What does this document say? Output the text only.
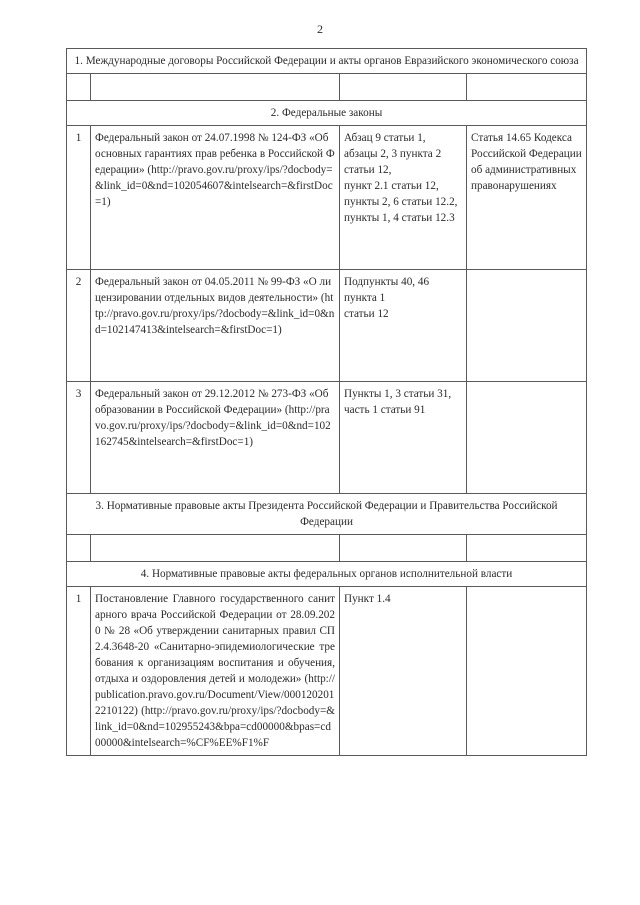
2
1. Международные договоры Российской Федерации и акты органов Евразийского экономического союза			

2. Федеральные законы			
1	Федеральный закон от 24.07.1998 № 124-ФЗ «Об основных гарантиях прав ребенка в Российской Федерации» (http://pravo.gov.ru/proxy/ips/?docbody=&link_id=0&nd=102054607&intelsearch=&firstDoc=1)	Абзац 9 статьи 1,
абзацы 2, 3 пункта 2 статьи 12,
пункт 2.1 статьи 12,
пункты 2, 6 статьи 12.2,
пункты 1, 4 статьи 12.3	Статья 14.65 Кодекса Российской Федерации об административных правонарушениях
2	Федеральный закон от 04.05.2011 № 99-ФЗ «О лицензировании отдельных видов деятельности» (http://pravo.gov.ru/proxy/ips/?docbody=&link_id=0&nd=102147413&intelsearch=&firstDoc=1)	Подпункты 40, 46 пункта 1
статьи 12	

3	Федеральный закон от 29.12.2012 № 273-ФЗ «Об образовании в Российской Федерации» (http://pravo.gov.ru/proxy/ips/?docbody=&link_id=0&nd=102162745&intelsearch=&firstDoc=1)	Пункты 1, 3 статьи 31,
часть 1 статьи 91	

3. Нормативные правовые акты Президента Российской Федерации и Правительства Российской Федерации			

4. Нормативные правовые акты федеральных органов исполнительной власти			
1	Постановление Главного государственного санитарного врача Российской Федерации от 28.09.2020 № 28 «Об утверждении санитарных правил СП 2.4.3648-20 «Санитарно-эпидемиологические требования к организациям воспитания и обучения, отдыха и оздоровления детей и молодежи» (http://publication.pravo.gov.ru/Document/View/0001202012210122) (http://pravo.gov.ru/proxy/ips/?docbody=&link_id=0&nd=102955243&bpa=cd00000&bpas=cd00000&intelsearch=%CF%EE%F1%F	Пункт 1.4	
